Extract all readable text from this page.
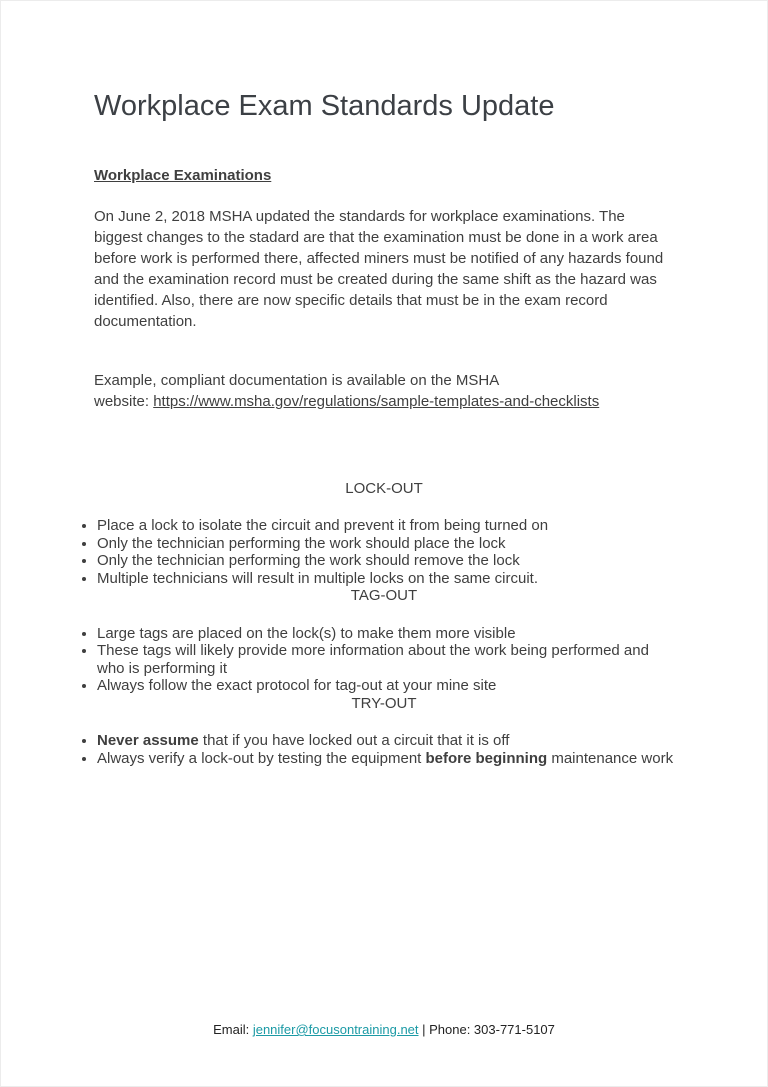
Workplace Exam Standards Update
Workplace Examinations
On June 2, 2018 MSHA updated the standards for workplace examinations. The biggest changes to the stadard are that the examination must be done in a work area before work is performed there, affected miners must be notified of any hazards found and the examination record must be created during the same shift as the hazard was identified. Also, there are now specific details that must be in the exam record documentation.
Example, compliant documentation is available on the MSHA
website: https://www.msha.gov/regulations/sample-templates-and-checklists
LOCK-OUT
• Place a lock to isolate the circuit and prevent it from being turned on
• Only the technician performing the work should place the lock
• Only the technician performing the work should remove the lock
• Multiple technicians will result in multiple locks on the same circuit.
TAG-OUT
• Large tags are placed on the lock(s) to make them more visible
• These tags will likely provide more information about the work being performed and who is performing it
• Always follow the exact protocol for tag-out at your mine site
TRY-OUT
• Never assume that if you have locked out a circuit that it is off
• Always verify a lock-out by testing the equipment before beginning maintenance work
Email: jennifer@focusontraining.net | Phone: 303-771-5107
